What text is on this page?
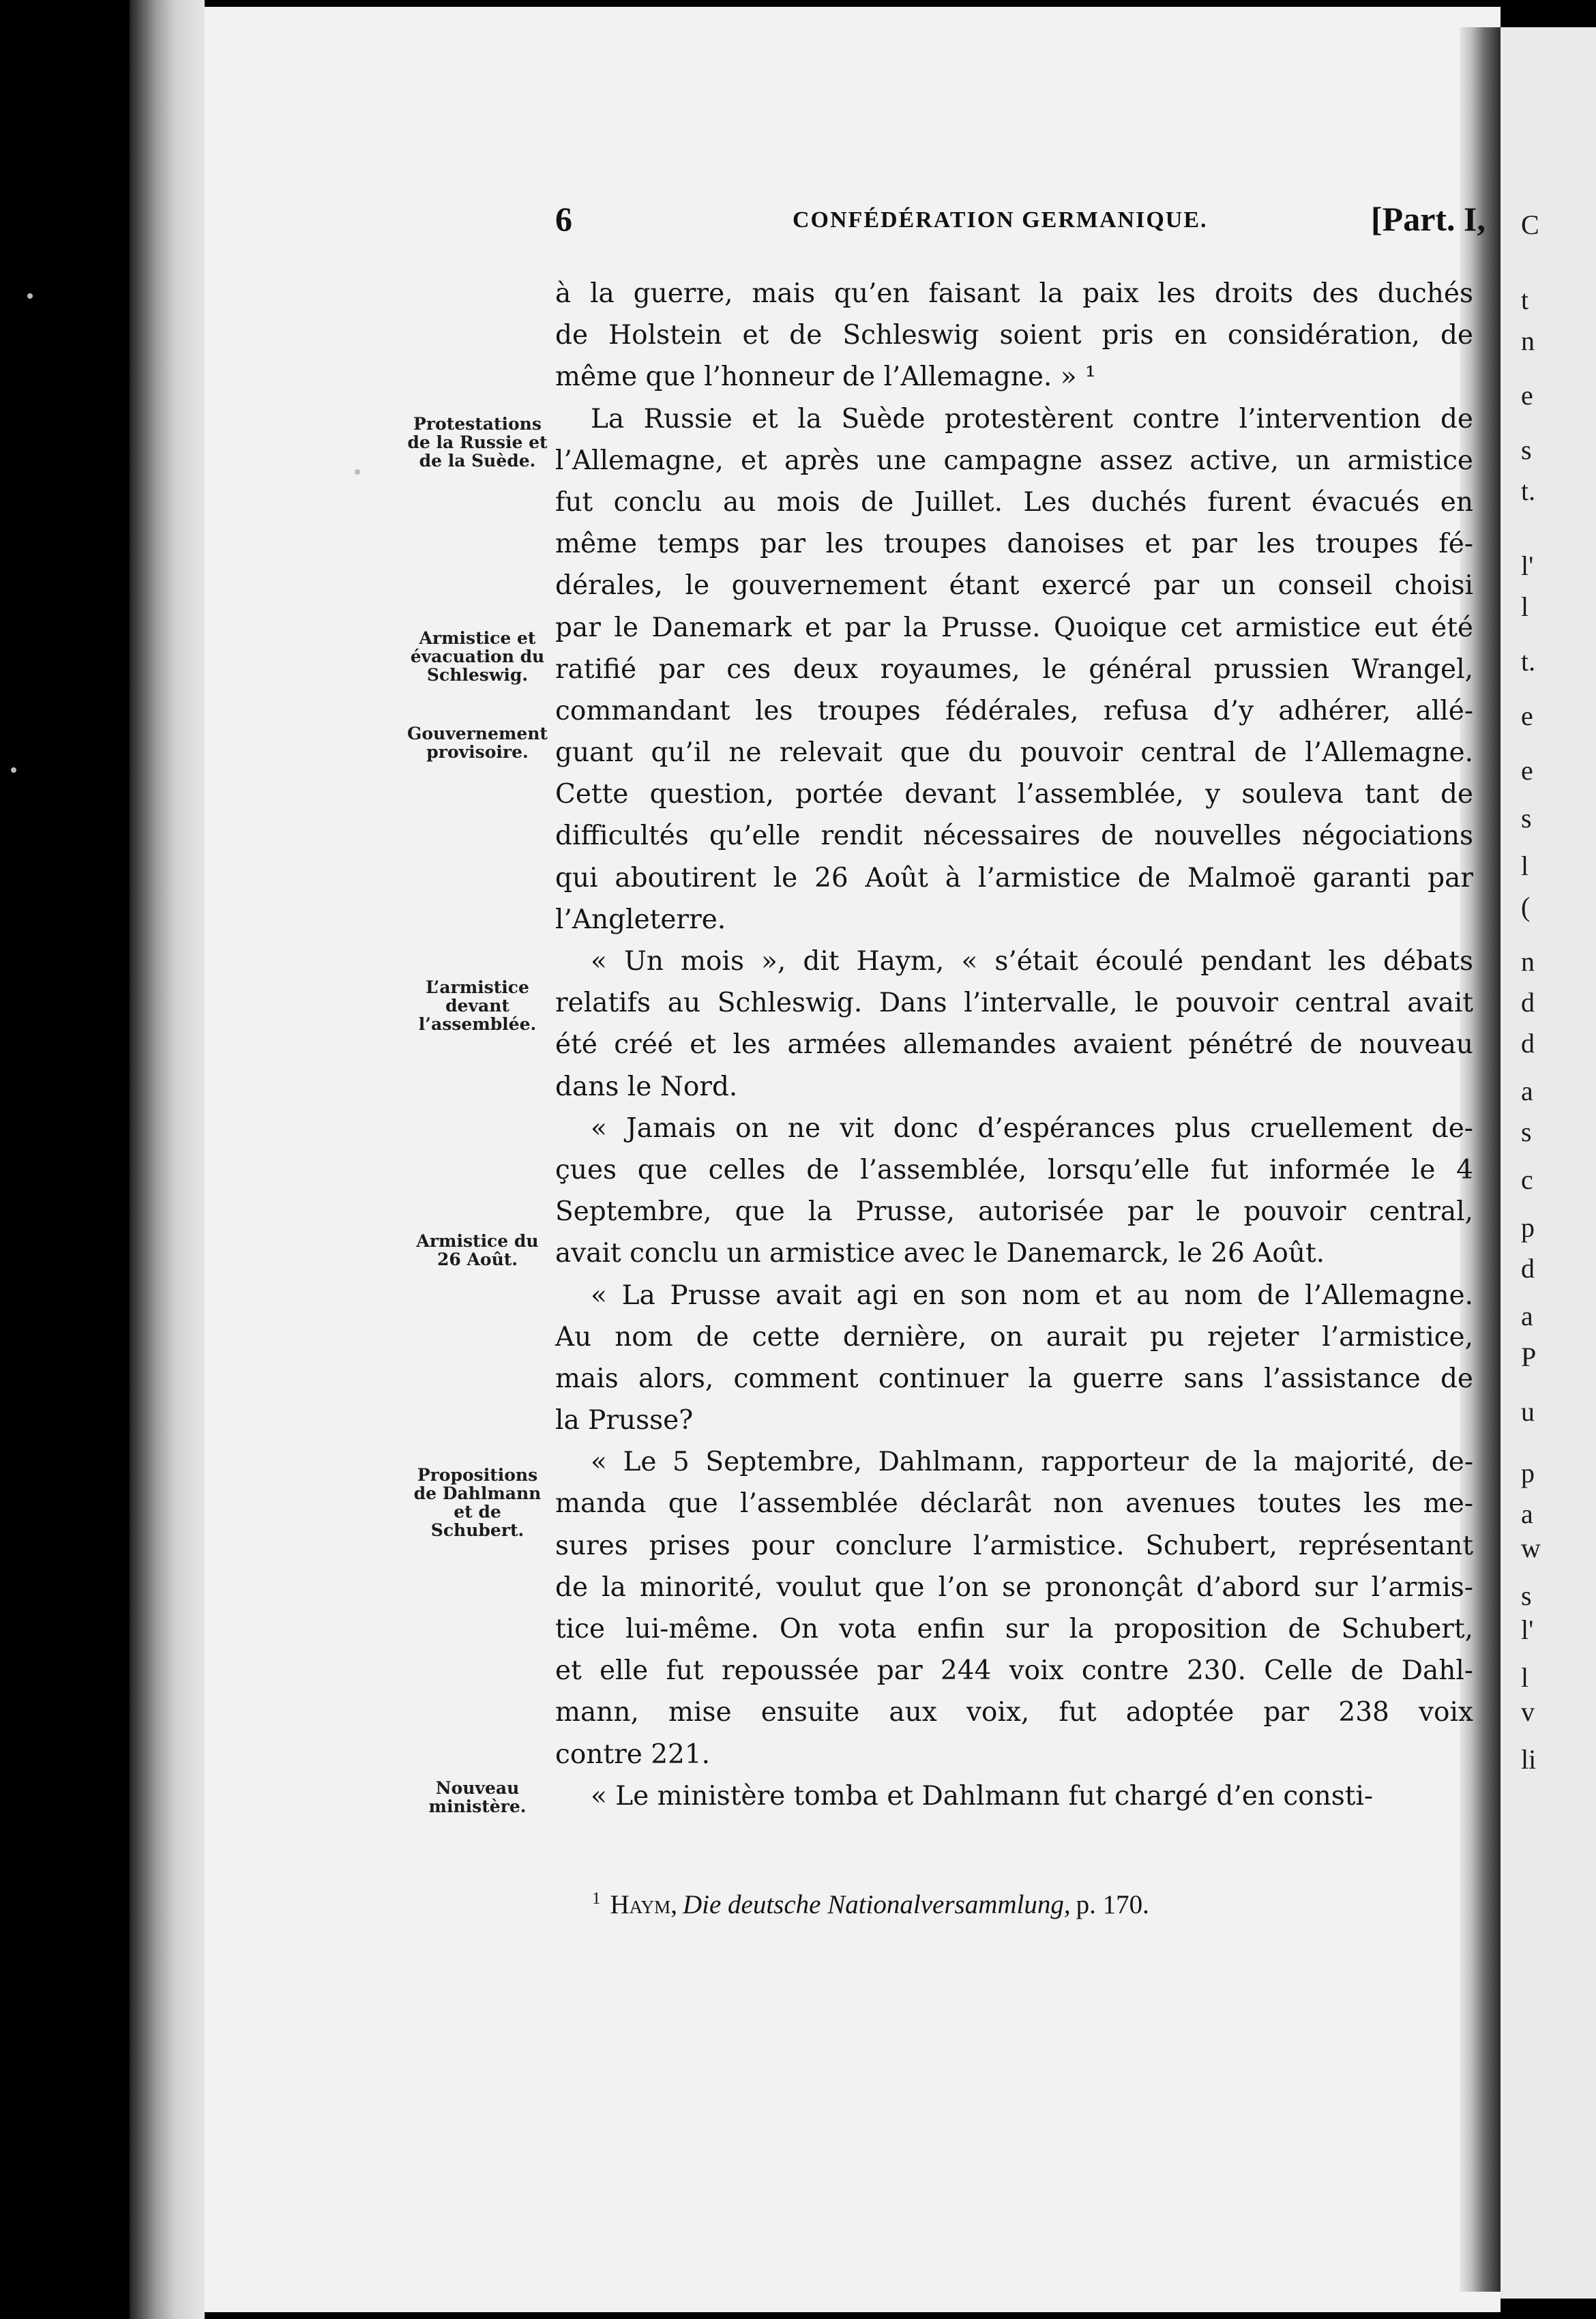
C
t
n
e
s
t.
l'
l
t.
e
e
s
l
(
n
d
d
a
s
c
p
d
a
P
u
p
a
w
s
l'
l
v
li
6	CONFÉDÉRATION GERMANIQUE.	[Part. I,
à la guerre, mais qu’en faisant la paix les droits des duchés
de Holstein et de Schleswig soient pris en considération, de
même que l’honneur de l’Allemagne. » ¹
La Russie et la Suède protestèrent contre l’intervention de
l’Allemagne, et après une campagne assez active, un armistice
fut conclu au mois de Juillet. Les duchés furent évacués en
même temps par les troupes danoises et par les troupes fé-
dérales, le gouvernement étant exercé par un conseil choisi
par le Danemark et par la Prusse. Quoique cet armistice eut été
ratifié par ces deux royaumes, le général prussien Wrangel,
commandant les troupes fédérales, refusa d’y adhérer, allé-
guant qu’il ne relevait que du pouvoir central de l’Allemagne.
Cette question, portée devant l’assemblée, y souleva tant de
difficultés qu’elle rendit nécessaires de nouvelles négociations
qui aboutirent le 26 Août à l’armistice de Malmoë garanti par
l’Angleterre.
« Un mois », dit Haym, « s’était écoulé pendant les débats
relatifs au Schleswig. Dans l’intervalle, le pouvoir central avait
été créé et les armées allemandes avaient pénétré de nouveau
dans le Nord.
« Jamais on ne vit donc d’espérances plus cruellement de-
çues que celles de l’assemblée, lorsqu’elle fut informée le 4
Septembre, que la Prusse, autorisée par le pouvoir central,
avait conclu un armistice avec le Danemarck, le 26 Août.
« La Prusse avait agi en son nom et au nom de l’Allemagne.
Au nom de cette dernière, on aurait pu rejeter l’armistice,
mais alors, comment continuer la guerre sans l’assistance de
la Prusse?
« Le 5 Septembre, Dahlmann, rapporteur de la majorité, de-
manda que l’assemblée déclarât non avenues toutes les me-
sures prises pour conclure l’armistice. Schubert, représentant
de la minorité, voulut que l’on se prononçât d’abord sur l’armis-
tice lui-même. On vota enfin sur la proposition de Schubert,
et elle fut repoussée par 244 voix contre 230. Celle de Dahl-
mann, mise ensuite aux voix, fut adoptée par 238 voix
contre 221.
« Le ministère tomba et Dahlmann fut chargé d’en consti-
Protestations de la Russie et de la Suède.
Armistice et évacuation du Schleswig.
Gouvernement provisoire.
L’armistice devant l’assemblée.
Armistice du 26 Août.
Propositions de Dahlmann et de Schubert.
Nouveau ministère.
$^1$ Haym, Die deutsche Nationalversammlung, p. 170.
